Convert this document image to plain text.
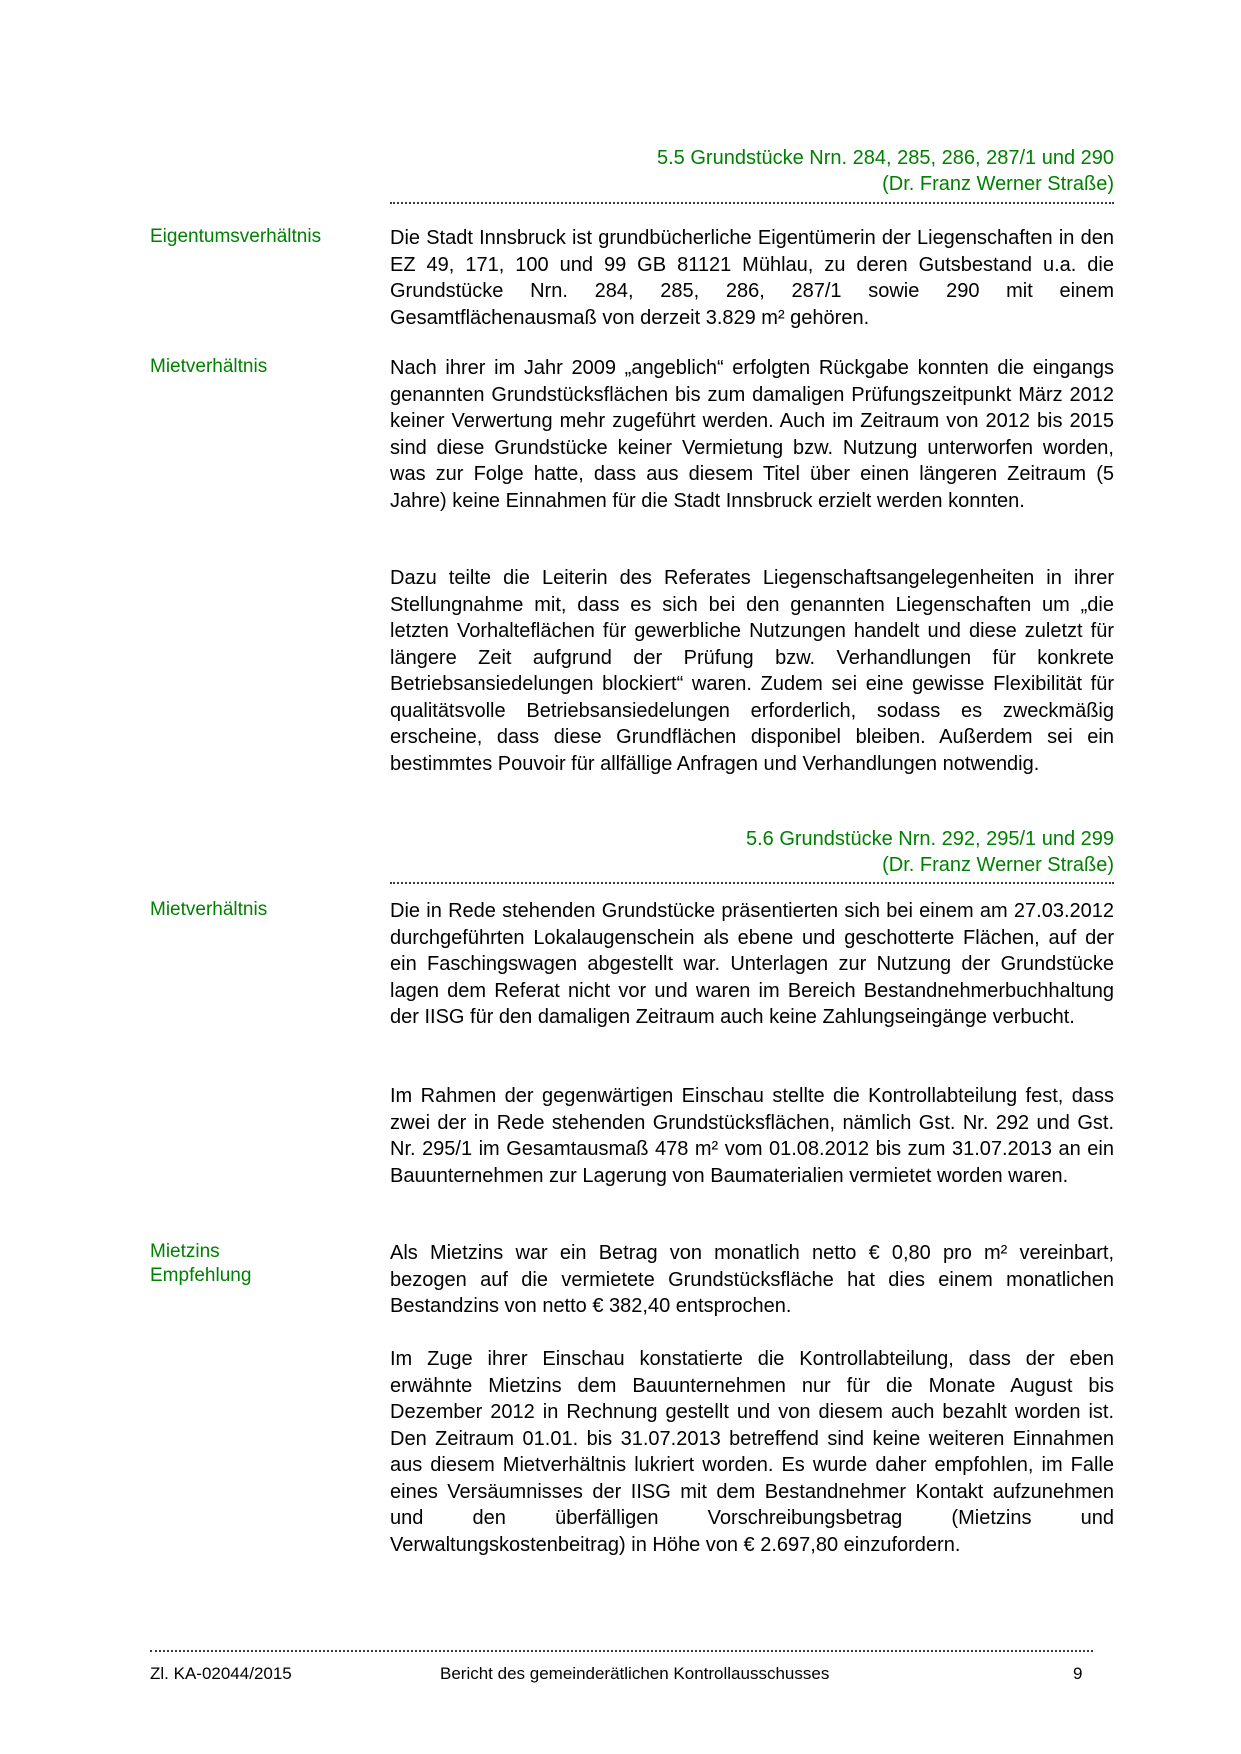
5.5 Grundstücke Nrn. 284, 285, 286, 287/1 und 290
(Dr. Franz Werner Straße)
Eigentumsverhältnis	Die Stadt Innsbruck ist grundbücherliche Eigentümerin der Liegenschaften in den EZ 49, 171, 100 und 99 GB 81121 Mühlau, zu deren Gutsbestand u.a. die Grundstücke Nrn. 284, 285, 286, 287/1 sowie 290 mit einem Gesamtflächenausmaß von derzeit 3.829 m² gehören.

Mietverhältnis	Nach ihrer im Jahr 2009 „angeblich“ erfolgten Rückgabe konnten die eingangs genannten Grundstücksflächen bis zum damaligen Prüfungszeitpunkt März 2012 keiner Verwertung mehr zugeführt werden. Auch im Zeitraum von 2012 bis 2015 sind diese Grundstücke keiner Vermietung bzw. Nutzung unterworfen worden, was zur Folge hatte, dass aus diesem Titel über einen längeren Zeitraum (5 Jahre) keine Einnahmen für die Stadt Innsbruck erzielt werden konnten.

Dazu teilte die Leiterin des Referates Liegenschaftsangelegenheiten in ihrer Stellungnahme mit, dass es sich bei den genannten Liegenschaften um „die letzten Vorhalteflächen für gewerbliche Nutzungen handelt und diese zuletzt für längere Zeit aufgrund der Prüfung bzw. Verhandlungen für konkrete Betriebsansiedelungen blockiert“ waren. Zudem sei eine gewisse Flexibilität für qualitätsvolle Betriebsansiedelungen erforderlich, sodass es zweckmäßig erscheine, dass diese Grundflächen disponibel bleiben. Außerdem sei ein bestimmtes Pouvoir für allfällige Anfragen und Verhandlungen notwendig.

5.6 Grundstücke Nrn. 292, 295/1 und 299
(Dr. Franz Werner Straße)
Mietverhältnis	Die in Rede stehenden Grundstücke präsentierten sich bei einem am 27.03.2012 durchgeführten Lokalaugenschein als ebene und geschotterte Flächen, auf der ein Faschingswagen abgestellt war. Unterlagen zur Nutzung der Grundstücke lagen dem Referat nicht vor und waren im Bereich Bestandnehmerbuchhaltung der IISG für den damaligen Zeitraum auch keine Zahlungseingänge verbucht.

Im Rahmen der gegenwärtigen Einschau stellte die Kontrollabteilung fest, dass zwei der in Rede stehenden Grundstücksflächen, nämlich Gst. Nr. 292 und Gst. Nr. 295/1 im Gesamtausmaß 478 m² vom 01.08.2012 bis zum 31.07.2013 an ein Bauunternehmen zur Lagerung von Baumaterialien vermietet worden waren.

Mietzins
Empfehlung

Als Mietzins war ein Betrag von monatlich netto € 0,80 pro m² vereinbart, bezogen auf die vermietete Grundstücksfläche hat dies einem monatlichen Bestandzins von netto € 382,40 entsprochen.

Im Zuge ihrer Einschau konstatierte die Kontrollabteilung, dass der eben erwähnte Mietzins dem Bauunternehmen nur für die Monate August bis Dezember 2012 in Rechnung gestellt und von diesem auch bezahlt worden ist. Den Zeitraum 01.01. bis 31.07.2013 betreffend sind keine weiteren Einnahmen aus diesem Mietverhältnis lukriert worden. Es wurde daher empfohlen, im Falle eines Versäumnisses der IISG mit dem Bestandnehmer Kontakt aufzunehmen und den überfälligen Vorschreibungsbetrag (Mietzins und Verwaltungskostenbeitrag) in Höhe von € 2.697,80 einzufordern.

Zl. KA-02044/2015	Bericht des gemeinderätlichen Kontrollausschusses	9
